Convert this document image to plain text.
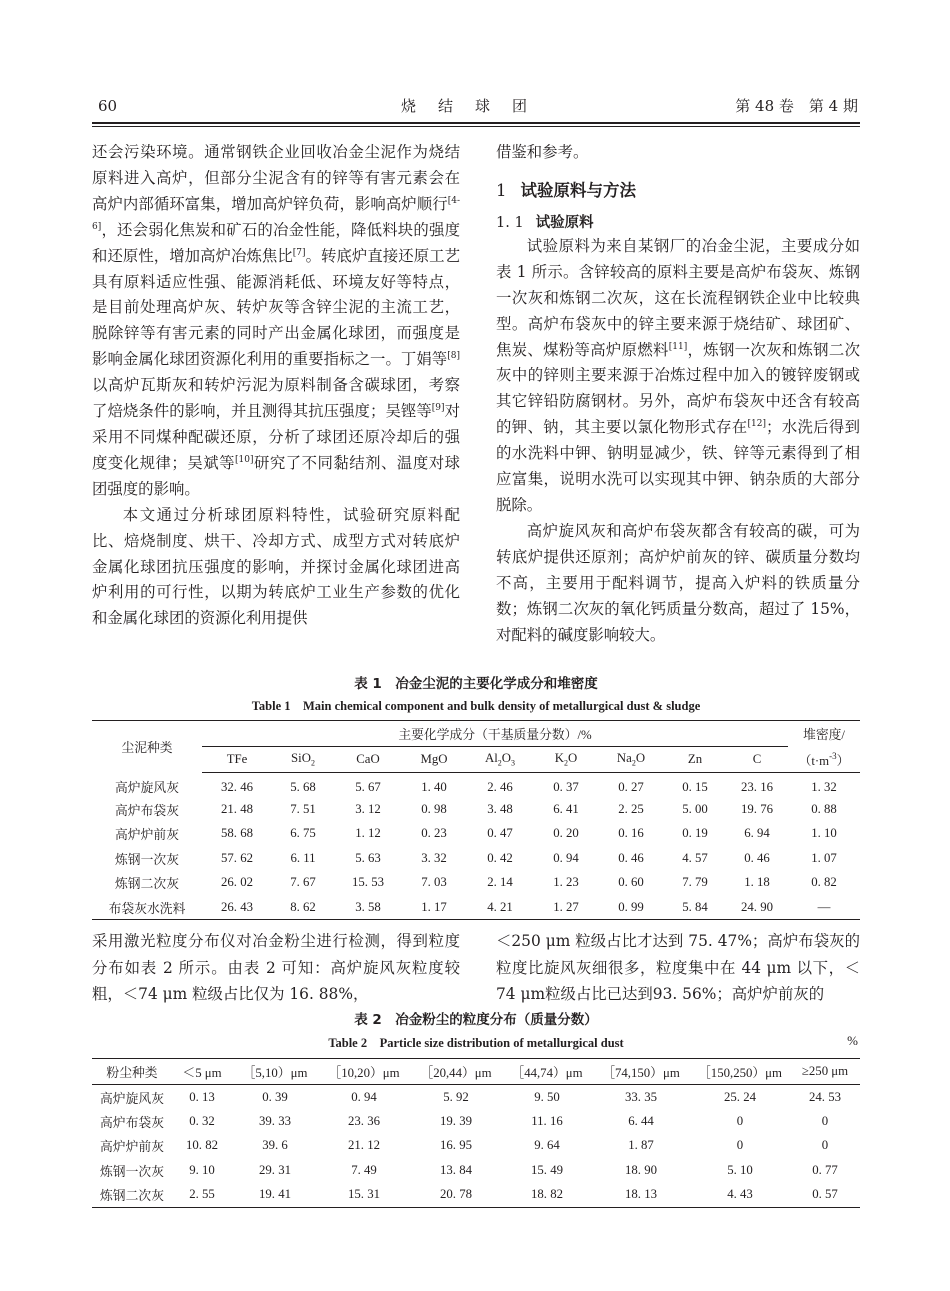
60	烧结球团	第 48 卷　第 4 期

还会污染环境。通常钢铁企业回收冶金尘泥作为烧结原料进入高炉，但部分尘泥含有的锌等有害元素会在高炉内部循环富集，增加高炉锌负荷，影响高炉顺行[4-6]，还会弱化焦炭和矿石的冶金性能，降低料块的强度和还原性，增加高炉冶炼焦比[7]。转底炉直接还原工艺具有原料适应性强、能源消耗低、环境友好等特点，是目前处理高炉灰、转炉灰等含锌尘泥的主流工艺，脱除锌等有害元素的同时产出金属化球团，而强度是影响金属化球团资源化利用的重要指标之一。丁娟等[8]以高炉瓦斯灰和转炉污泥为原料制备含碳球团，考察了焙烧条件的影响，并且测得其抗压强度；吴铿等[9]对采用不同煤种配碳还原，分析了球团还原冷却后的强度变化规律；吴斌等[10]研究了不同黏结剂、温度对球团强度的影响。

本文通过分析球团原料特性，试验研究原料配比、焙烧制度、烘干、冷却方式、成型方式对转底炉金属化球团抗压强度的影响，并探讨金属化球团进高炉利用的可行性，以期为转底炉工业生产参数的优化和金属化球团的资源化利用提供

借鉴和参考。

1 试验原料与方法

1. 1 试验原料

试验原料为来自某钢厂的冶金尘泥，主要成分如表 1 所示。含锌较高的原料主要是高炉布袋灰、炼钢一次灰和炼钢二次灰，这在长流程钢铁企业中比较典型。高炉布袋灰中的锌主要来源于烧结矿、球团矿、焦炭、煤粉等高炉原燃料[11]，炼钢一次灰和炼钢二次灰中的锌则主要来源于冶炼过程中加入的镀锌废钢或其它锌铅防腐钢材。另外，高炉布袋灰中还含有较高的钾、钠，其主要以氯化物形式存在[12]；水洗后得到的水洗料中钾、钠明显减少，铁、锌等元素得到了相应富集，说明水洗可以实现其中钾、钠杂质的大部分脱除。

高炉旋风灰和高炉布袋灰都含有较高的碳，可为转底炉提供还原剂；高炉炉前灰的锌、碳质量分数均不高，主要用于配料调节，提高入炉料的铁质量分数；炼钢二次灰的氧化钙质量分数高，超过了 15%，对配料的碱度影响较大。

表 1　冶金尘泥的主要化学成分和堆密度
Table 1　Main chemical component and bulk density of metallurgical dust & sludge
尘泥种类	主要化学成分（干基质量分数）/%									堆密度/
	TFe	SiO$_2$	CaO	MgO	$Al_2O_3$	$K_2O$	$Na_2O$	Zn	C	$(t\cdot m^{-3})$
高炉旋风灰	32. 46	5. 68	5. 67	1. 40	2. 46	0. 37	0. 27	0. 15	23. 16	1. 32
高炉布袋灰	21. 48	7. 51	3. 12	0. 98	3. 48	6. 41	2. 25	5. 00	19. 76	0. 88
高炉炉前灰	58. 68	6. 75	1. 12	0. 23	0. 47	0. 20	0. 16	0. 19	6. 94	1. 10
炼钢一次灰	57. 62	6. 11	5. 63	3. 32	0. 42	0. 94	0. 46	4. 57	0. 46	1. 07
炼钢二次灰	26. 02	7. 67	15. 53	7. 03	2. 14	1. 23	0. 60	7. 79	1. 18	0. 82
布袋灰水洗料	26. 43	8. 62	3. 58	1. 17	4. 21	1. 27	0. 99	5. 84	24. 90	—

采用激光粒度分布仪对冶金粉尘进行检测，得到粒度分布如表 2 所示。由表 2 可知：高炉旋风灰粒度较粗，＜74 μm 粒级占比仅为 16. 88%，

＜250 μm 粒级占比才达到 75. 47%；高炉布袋灰的粒度比旋风灰细很多，粒度集中在 44 μm 以下，＜74 μm粒级占比已达到93. 56%；高炉炉前灰的

表 2　冶金粉尘的粒度分布（质量分数）
Table 2　Particle size distribution of metallurgical dust	%
粉尘种类	＜5 μm	［5,10）μm	［10,20）μm	［20,44）μm	［44,74）μm	［74,150）μm	［150,250）μm	≥250 μm
高炉旋风灰	0. 13	0. 39	0. 94	5. 92	9. 50	33. 35	25. 24	24. 53
高炉布袋灰	0. 32	39. 33	23. 36	19. 39	11. 16	6. 44	0	0
高炉炉前灰	10. 82	39. 6	21. 12	16. 95	9. 64	1. 87	0	0
炼钢一次灰	9. 10	29. 31	7. 49	13. 84	15. 49	18. 90	5. 10	0. 77
炼钢二次灰	2. 55	19. 41	15. 31	20. 78	18. 82	18. 13	4. 43	0. 57
